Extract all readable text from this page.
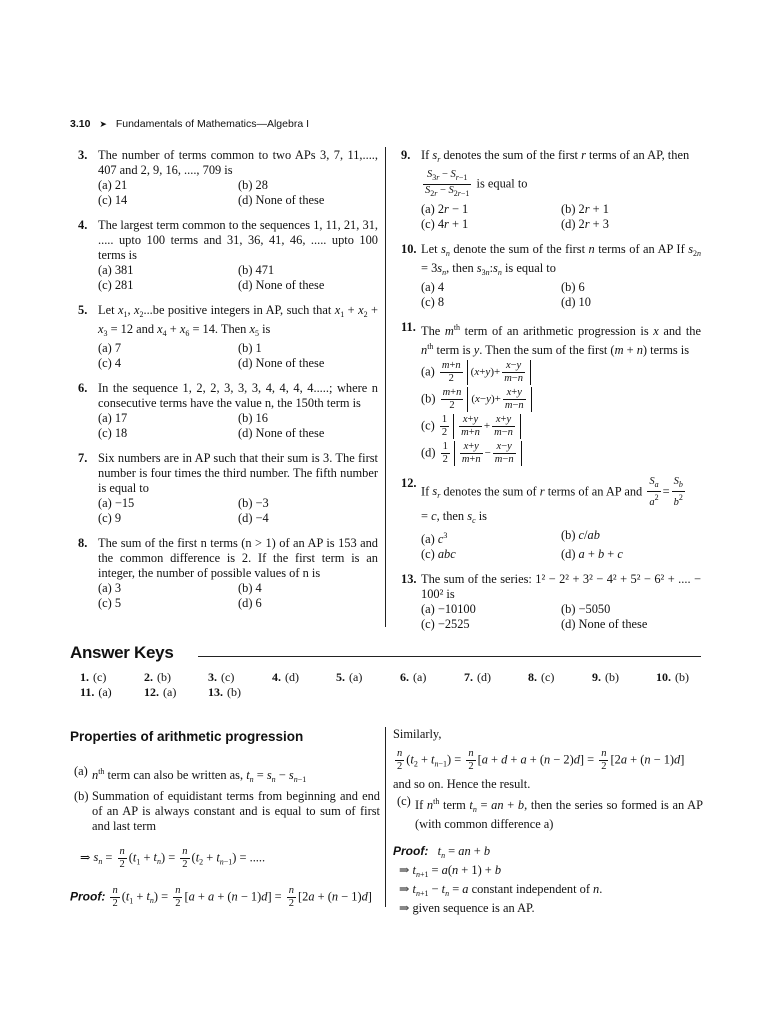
3.10 ➤ Fundamentals of Mathematics—Algebra I
3. The number of terms common to two APs 3, 7, 11,...., 407 and 2, 9, 16, ...., 709 is
(a) 21	(b) 28
(c) 14	(d) None of these
4. The largest term common to the sequences 1, 11, 21, 31, ..... upto 100 terms and 31, 36, 41, 46, ..... upto 100 terms is
(a) 381	(b) 471
(c) 281	(d) None of these
5. Let $x_1$, $x_2...be$ positive integers in AP, such that $x_1 + x_2 + x_3 = 12$ and $x_4 + x_6 = 14$. Then $x_5$ is
(a) 7	(b) 1
(c) 4	(d) None of these
6. In the sequence 1, 2, 2, 3, 3, 3, 4, 4, 4, 4.....; where n consecutive terms have the value n, the 150th term is
(a) 17	(b) 16
(c) 18	(d) None of these
7. Six numbers are in AP such that their sum is 3. The first number is four times the third number. The fifth number is equal to
(a) −15	(b) −3
(c) 9	(d) −4
8. The sum of the first n terms (n > 1) of an AP is 153 and the common difference is 2. If the first term is an integer, the number of possible values of n is
(a) 3	(b) 4
(c) 5	(d) 6
9. If $s_r$ denotes the sum of the first r terms of an AP, then
$\frac{S_{3r} - S_{r-1}}{S_{2r} - S_{2r-1}}$ is equal to
(a) 2r − 1	(b) 2r + 1
(c) 4r + 1	(d) 2r + 3
10. Let $s_n$ denote the sum of the first n terms of an AP If $s_{2n} = 3s_n$, then $s_{3n}:s_n$ is equal to
(a) 4	(b) 6
(c) 8	(d) 10
11. The $m^{th}$ term of an arithmetic progression is x and the $n^{th}$ term is y. Then the sum of the first (m + n) terms is
$(a) \frac{m+n}{2} (x+y)+ \frac{x-y}{m-n}$
$(b) \frac{m+n}{2} (x-y)+ \frac{x+y}{m-n}$
$(c) \frac{1}{2} \frac{x+y}{m+n} + \frac{x+y}{m-n}$
$(d) \frac{1}{2} \frac{x+y}{m+n} - \frac{x-y}{m-n}$
12.
If $s_r$ denotes the sum of r terms of an AP and $\frac{S_a}{a^2} = \frac{S_b}{b^2}$

= c, then $s_c$ is
(a) $c^3$	(b) c/ab
(c) abc	(d) a + b + c
13. The sum of the series: 1² − 2² + 3² − 4² + 5² − 6² + .... − 100² is
(a) −10100	(b) −5050
(c) −2525	(d) None of these
Answer Keys
1. (c)	2. (b)	3. (c)	4. (d)	5. (a)	6. (a)	7. (d)	8. (c)	9. (b)	10. (b)
11. (a)	12. (a)	13. (b)
Properties of arithmetic progression
(a) $n^{th}$ term can also be written as, $t_n = s_n - s_{n-1}$
(b) Summation of equidistant terms from beginning and end of an AP is always constant and is equal to sum of first and last term
⇒ $s_n = \frac{n}{2} (t_1 + t_n) = \frac{n}{2} (t_2 + t_{n-1})$ = .....
Proof: $\frac{n}{2} (t_1 + t_n) = \frac{n}{2} [a + a + (n - 1)d] = \frac{n}{2} [2a + (n - 1)d]$
Similarly,
$\frac{n}{2} (t_2 + t_{n-1}) = \frac{n}{2} [a + d + a + (n - 2)d] = \frac{n}{2} [2a + (n - 1)d]$
and so on. Hence the result.
(c) If $n^{th}$ term $t_n$ = an + b, then the series so formed is an AP (with common difference a)
Proof: $t_n$ = an + b
⇒ $t_{n+1} = a(n + 1) + b$
⇒ $t_{n+1} - t_n = a$ constant independent of n.
⇒ given sequence is an AP.
